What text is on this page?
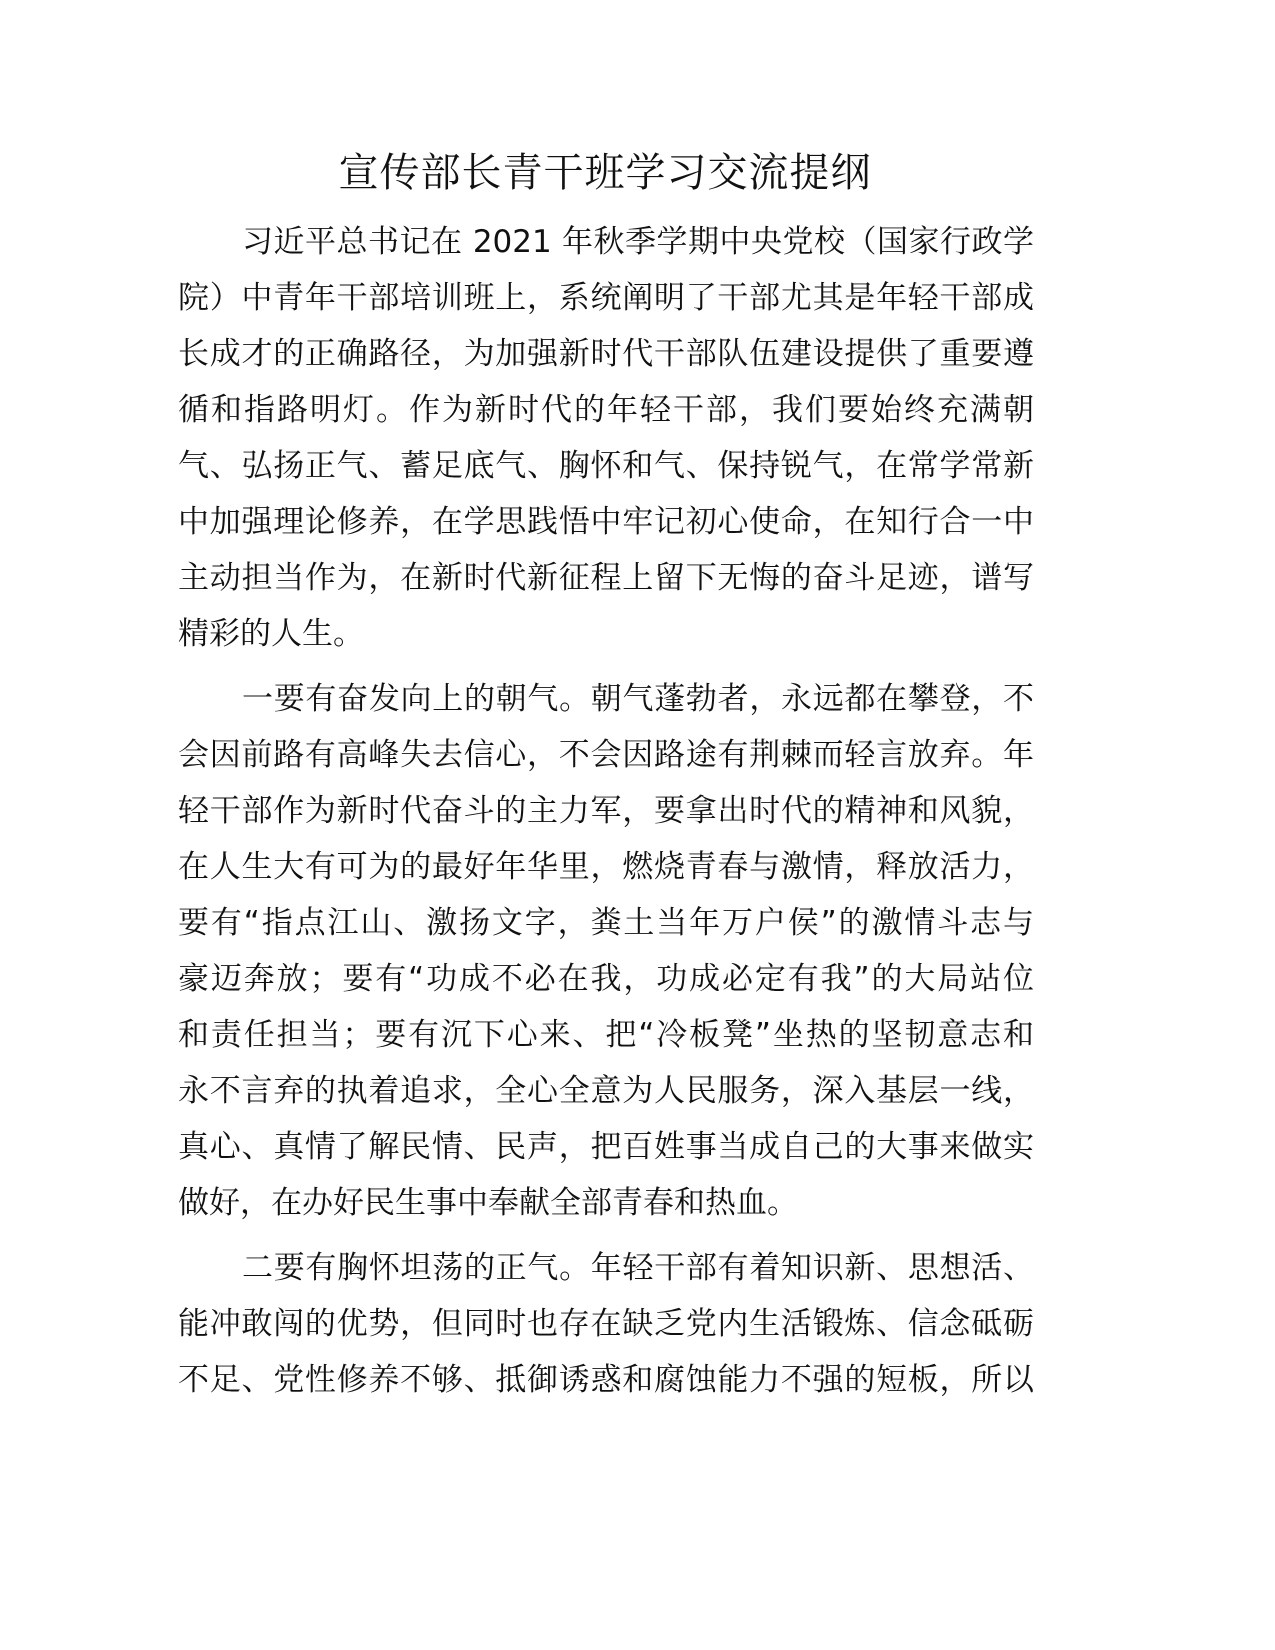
宣传部长青干班学习交流提纲
习近平总书记在 2021 年秋季学期中央党校（国家行政学
院）中青年干部培训班上，系统阐明了干部尤其是年轻干部成
长成才的正确路径，为加强新时代干部队伍建设提供了重要遵
循和指路明灯。作为新时代的年轻干部，我们要始终充满朝
气、弘扬正气、蓄足底气、胸怀和气、保持锐气，在常学常新
中加强理论修养，在学思践悟中牢记初心使命，在知行合一中
主动担当作为，在新时代新征程上留下无悔的奋斗足迹，谱写
精彩的人生。
一要有奋发向上的朝气。朝气蓬勃者，永远都在攀登，不
会因前路有高峰失去信心，不会因路途有荆棘而轻言放弃。年
轻干部作为新时代奋斗的主力军，要拿出时代的精神和风貌，
在人生大有可为的最好年华里，燃烧青春与激情，释放活力，
要有“指点江山、激扬文字，粪土当年万户侯”的激情斗志与
豪迈奔放；要有“功成不必在我，功成必定有我”的大局站位
和责任担当；要有沉下心来、把“冷板凳”坐热的坚韧意志和
永不言弃的执着追求，全心全意为人民服务，深入基层一线，
真心、真情了解民情、民声，把百姓事当成自己的大事来做实
做好，在办好民生事中奉献全部青春和热血。
二要有胸怀坦荡的正气。年轻干部有着知识新、思想活、
能冲敢闯的优势，但同时也存在缺乏党内生活锻炼、信念砥砺
不足、党性修养不够、抵御诱惑和腐蚀能力不强的短板，所以
